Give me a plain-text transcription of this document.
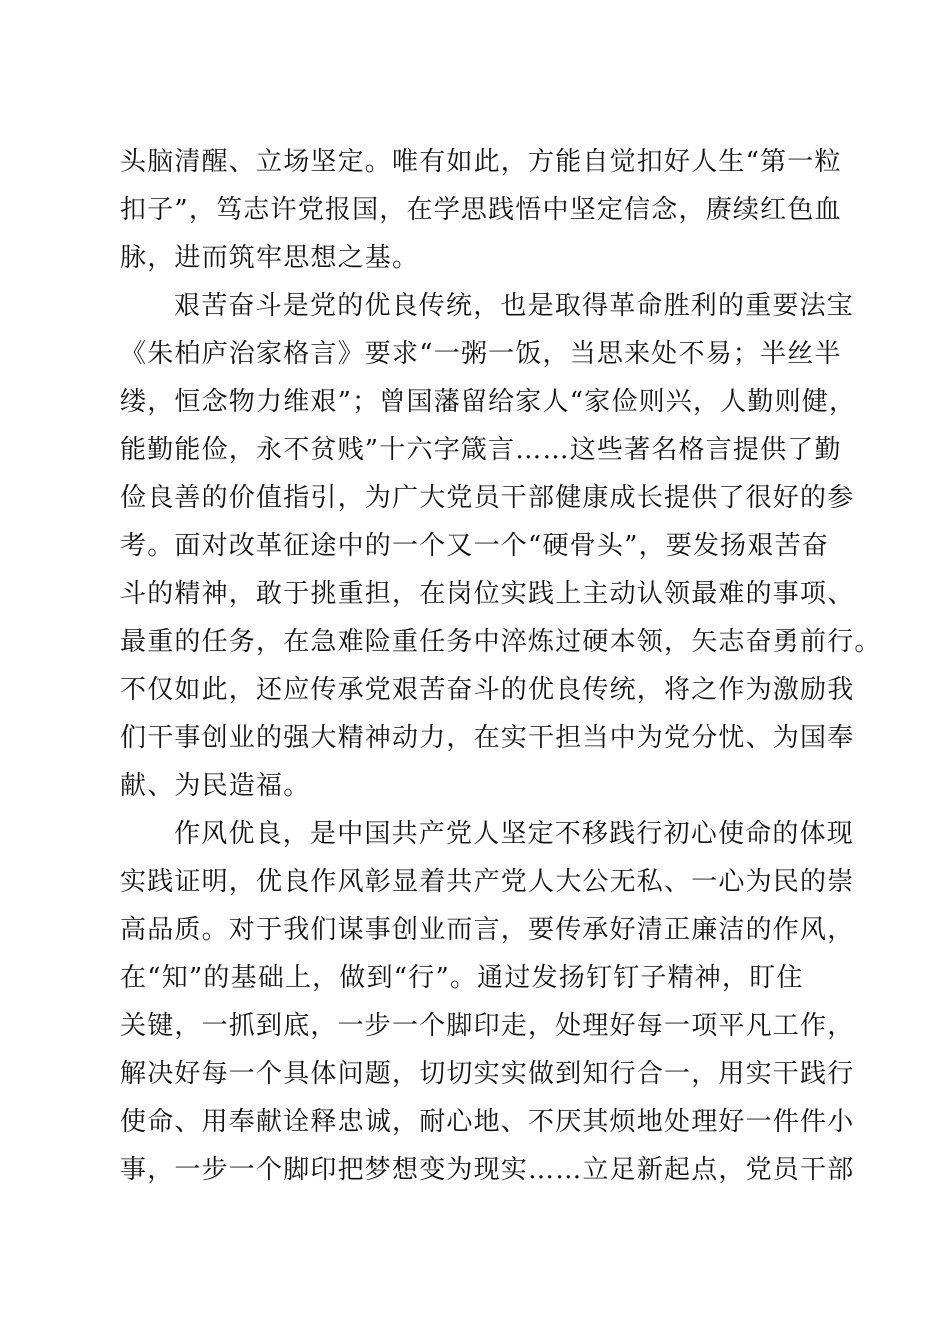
头脑清醒、立场坚定。唯有如此，方能自觉扣好人生“第一粒
扣子”，笃志许党报国，在学思践悟中坚定信念，赓续红色血
脉，进而筑牢思想之基。
艰苦奋斗是党的优良传统，也是取得革命胜利的重要法宝
《朱柏庐治家格言》要求“一粥一饭，当思来处不易；半丝半
缕，恒念物力维艰”；曾国藩留给家人“家俭则兴，人勤则健，
能勤能俭，永不贫贱”十六字箴言……这些著名格言提供了勤
俭良善的价值指引，为广大党员干部健康成长提供了很好的参
考。面对改革征途中的一个又一个“硬骨头”，要发扬艰苦奋
斗的精神，敢于挑重担，在岗位实践上主动认领最难的事项、
最重的任务，在急难险重任务中淬炼过硬本领，矢志奋勇前行。
不仅如此，还应传承党艰苦奋斗的优良传统，将之作为激励我
们干事创业的强大精神动力，在实干担当中为党分忧、为国奉
献、为民造福。
作风优良，是中国共产党人坚定不移践行初心使命的体现
实践证明，优良作风彰显着共产党人大公无私、一心为民的崇
高品质。对于我们谋事创业而言，要传承好清正廉洁的作风，
在“知”的基础上，做到“行”。通过发扬钉钉子精神，盯住
关键，一抓到底，一步一个脚印走，处理好每一项平凡工作，
解决好每一个具体问题，切切实实做到知行合一，用实干践行
使命、用奉献诠释忠诚，耐心地、不厌其烦地处理好一件件小
事，一步一个脚印把梦想变为现实……立足新起点，党员干部
